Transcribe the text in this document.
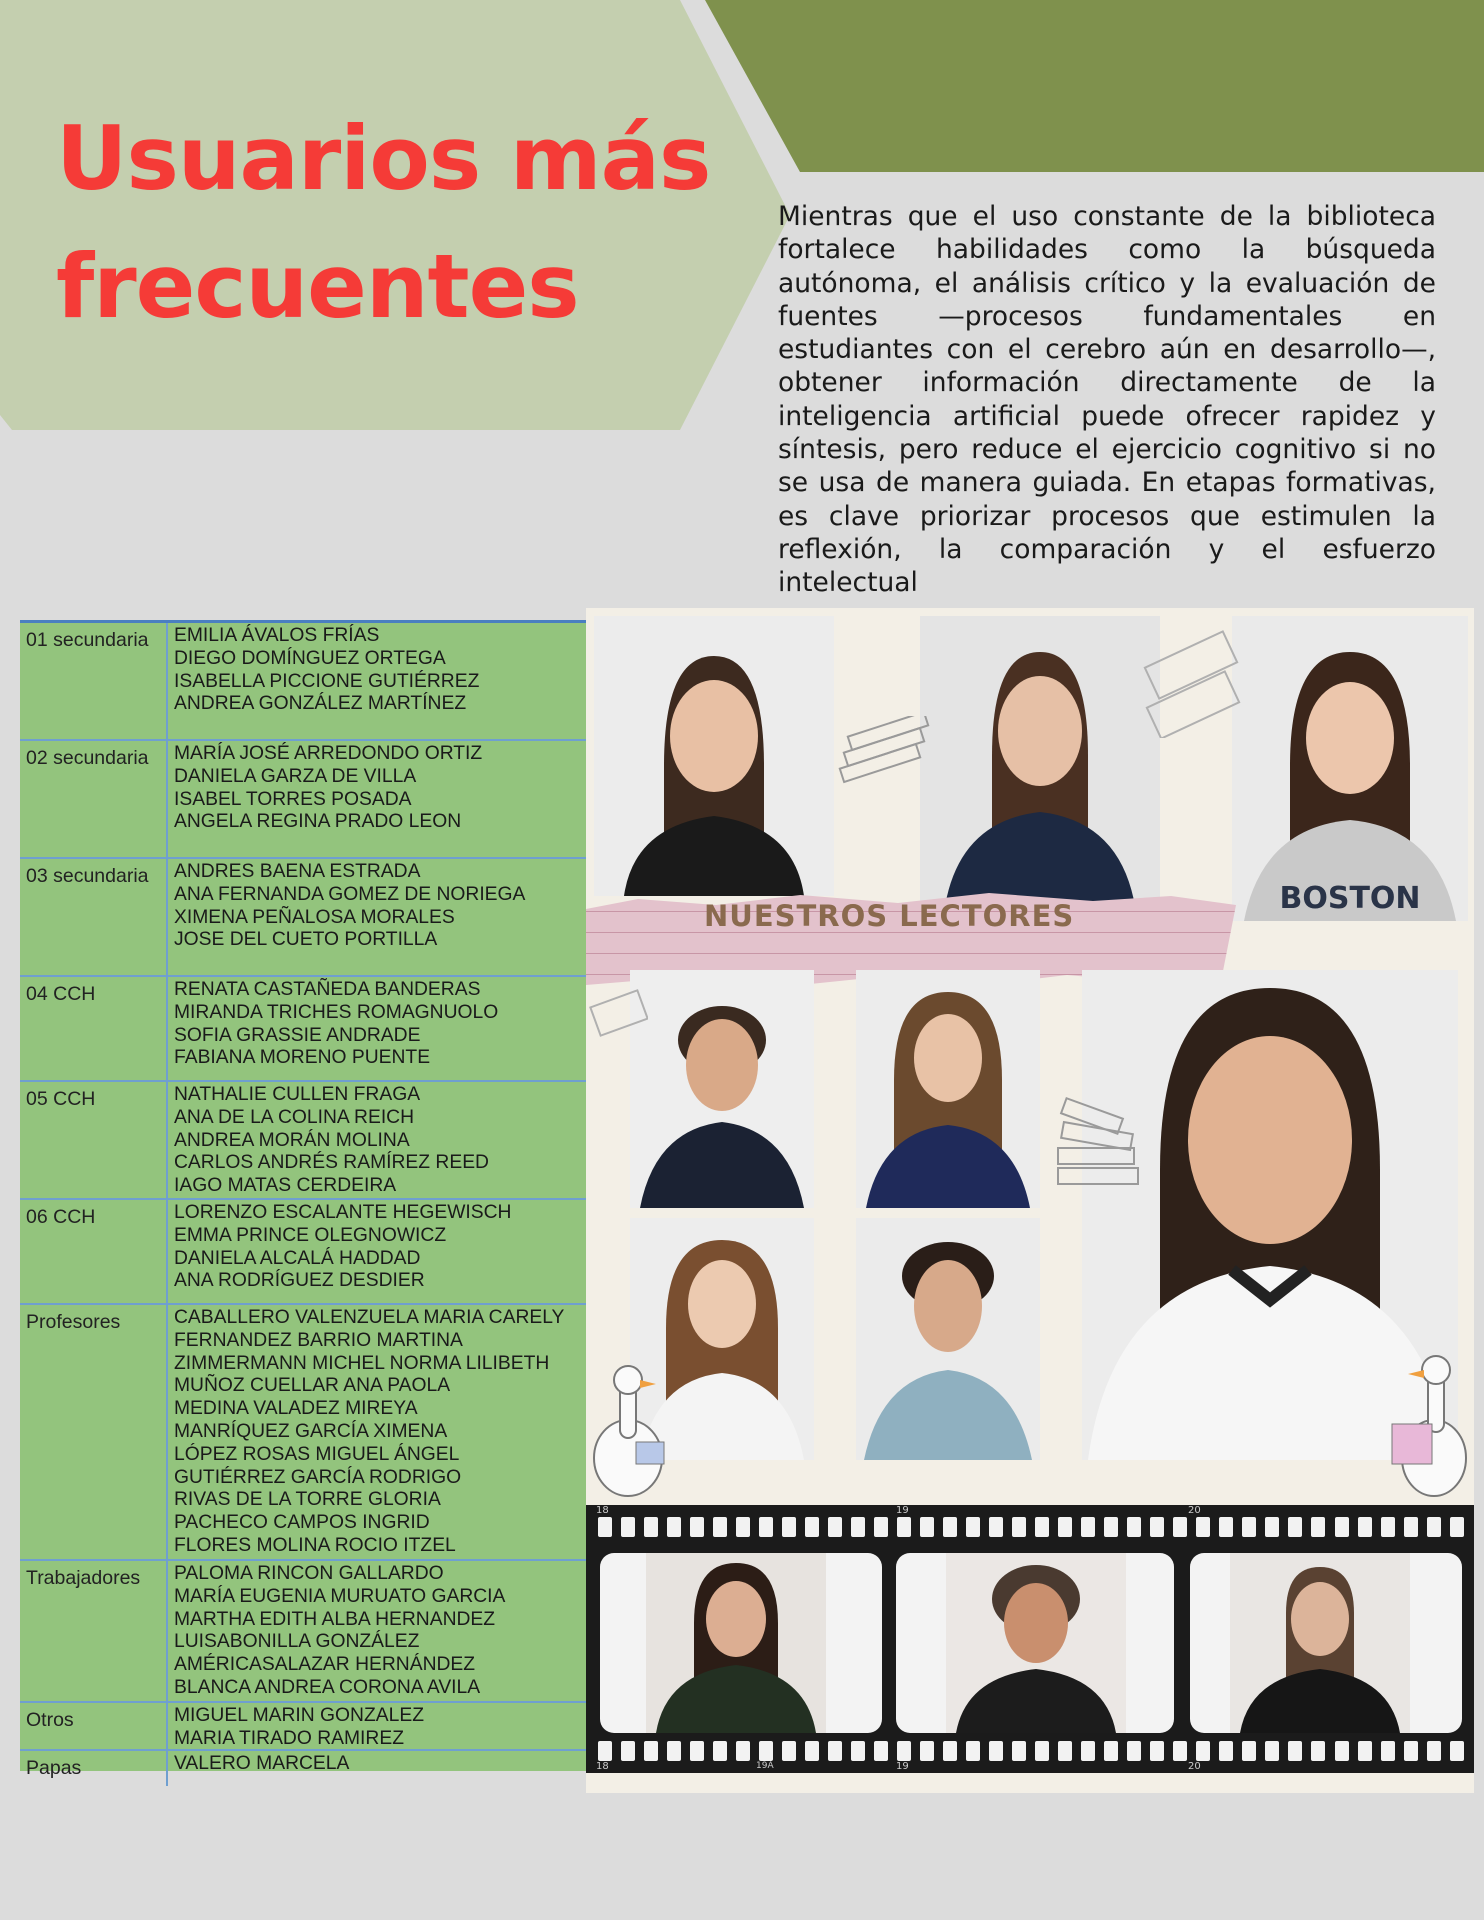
Usuarios más
frecuentes

Mientras que el uso constante de la biblioteca fortalece habilidades como la búsqueda autónoma, el análisis crítico y la evaluación de fuentes —procesos fundamentales en estudiantes con el cerebro aún en desarrollo—, obtener información directamente de la inteligencia artificial puede ofrecer rapidez y síntesis, pero reduce el ejercicio cognitivo si no se usa de manera guiada. En etapas formativas, es clave priorizar procesos que estimulen la reflexión, la comparación y el esfuerzo intelectual

01 secundaria EMILIA ÁVALOS FRÍAS
DIEGO DOMÍNGUEZ ORTEGA
ISABELLA PICCIONE GUTIÉRREZ
ANDREA GONZÁLEZ MARTÍNEZ
02 secundaria MARÍA JOSÉ ARREDONDO ORTIZ
DANIELA GARZA DE VILLA
ISABEL TORRES POSADA
ANGELA REGINA PRADO LEON
03 secundaria ANDRES BAENA ESTRADA
ANA FERNANDA GOMEZ DE NORIEGA
XIMENA PEÑALOSA MORALES
JOSE DEL CUETO PORTILLA
04 CCH	RENATA CASTAÑEDA BANDERAS
MIRANDA TRICHES ROMAGNUOLO
SOFIA GRASSIE ANDRADE
FABIANA MORENO PUENTE
05 CCH	NATHALIE CULLEN FRAGA
ANA DE LA COLINA REICH
ANDREA MORÁN MOLINA
CARLOS ANDRÉS RAMÍREZ REED
IAGO MATAS CERDEIRA
06 CCH	LORENZO ESCALANTE HEGEWISCH
EMMA PRINCE OLEGNOWICZ
DANIELA ALCALÁ HADDAD
ANA RODRÍGUEZ DESDIER
Profesores	CABALLERO VALENZUELA MARIA CARELY
FERNANDEZ BARRIO MARTINA
ZIMMERMANN MICHEL NORMA LILIBETH
MUÑOZ CUELLAR ANA PAOLA
MEDINA VALADEZ MIREYA
MANRÍQUEZ GARCÍA XIMENA
LÓPEZ ROSAS MIGUEL ÁNGEL
GUTIÉRREZ GARCÍA RODRIGO
RIVAS DE LA TORRE GLORIA
PACHECO CAMPOS INGRID
FLORES MOLINA ROCIO ITZEL
Trabajadores PALOMA RINCON GALLARDO
MARÍA EUGENIA MURUATO GARCIA
MARTHA EDITH ALBA HERNANDEZ
LUISABONILLA GONZÁLEZ
AMÉRICASALAZAR HERNÁNDEZ
BLANCA ANDREA CORONA AVILA
Otros	MIGUEL MARIN GONZALEZ
MARIA TIRADO RAMIREZ
Papas	VALERO MARCELA
BOSTON
NUESTROS LECTORES
18	19	20
18	19A	19	20
